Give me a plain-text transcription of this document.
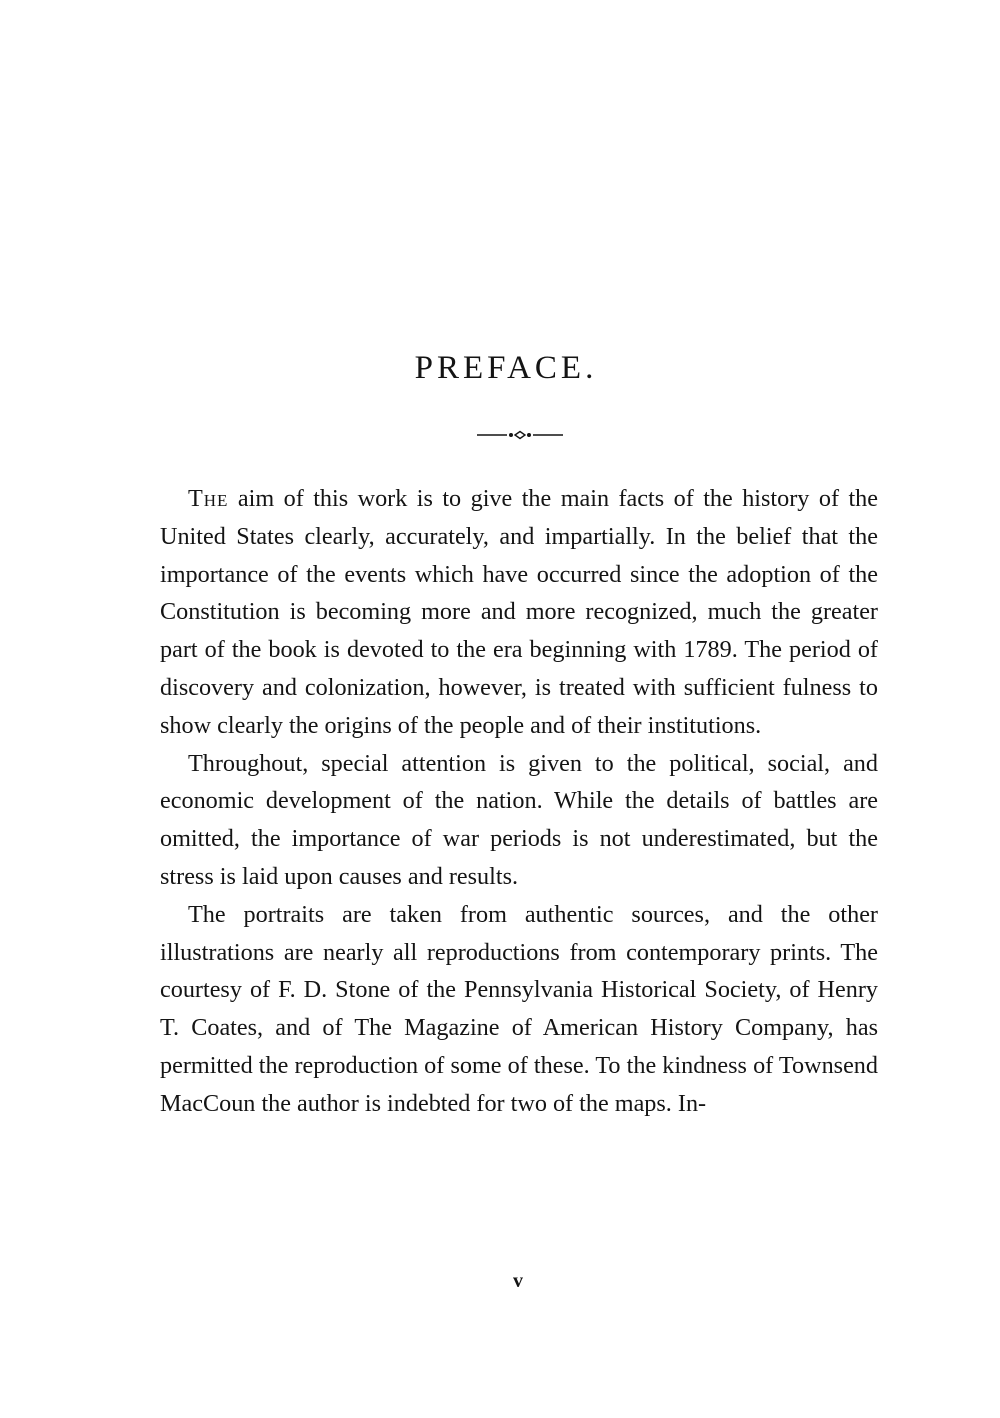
PREFACE.

The aim of this work is to give the main facts of the history of the United States clearly, accurately, and impartially. In the belief that the importance of the events which have occurred since the adoption of the Constitution is becoming more and more recognized, much the greater part of the book is devoted to the era beginning with 1789. The period of discovery and colonization, however, is treated with sufficient fulness to show clearly the origins of the people and of their institutions.

Throughout, special attention is given to the political, social, and economic development of the nation. While the details of battles are omitted, the importance of war periods is not underestimated, but the stress is laid upon causes and results.

The portraits are taken from authentic sources, and the other illustrations are nearly all reproductions from contemporary prints. The courtesy of F. D. Stone of the Pennsylvania Historical Society, of Henry T. Coates, and of The Magazine of American History Company, has permitted the reproduction of some of these. To the kindness of Townsend MacCoun the author is indebted for two of the maps. In-

v
